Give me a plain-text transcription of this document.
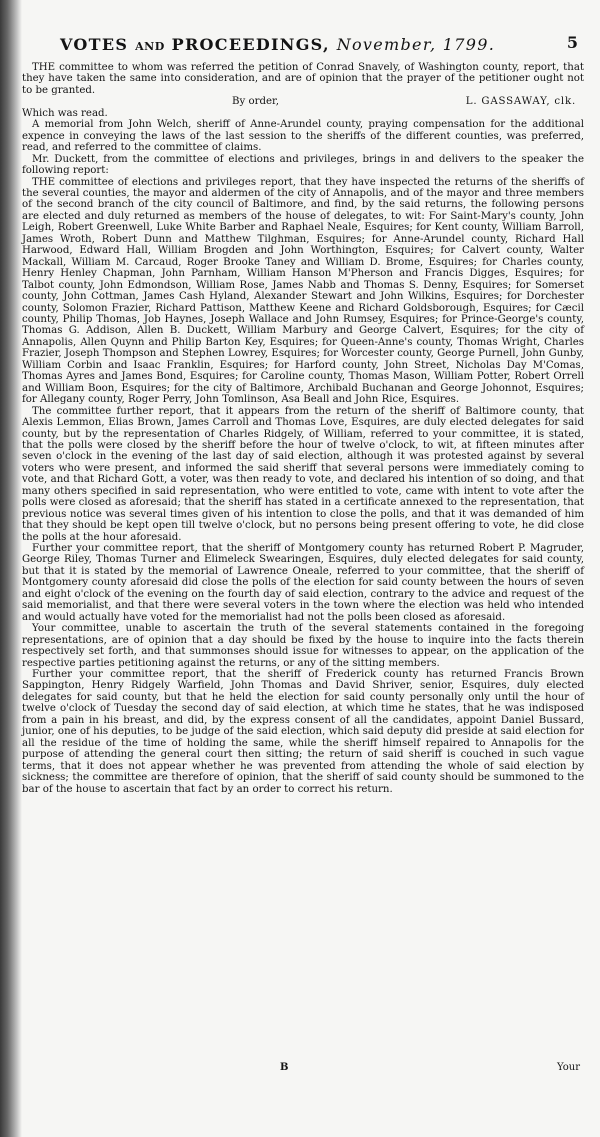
VOTES AND PROCEEDINGS, November, 1799.	5

THE committee to whom was referred the petition of Conrad Snavely, of Washington county, report, that they have taken the same into consideration, and are of opinion that the prayer of the petitioner ought not to be granted.

By order,	L. GASSAWAY, clk.

Which was read.

A memorial from John Welch, sheriff of Anne-Arundel county, praying compensation for the additional expence in conveying the laws of the last session to the sheriffs of the different counties, was preferred, read, and referred to the committee of claims.

Mr. Duckett, from the committee of elections and privileges, brings in and delivers to the speaker the following report:

THE committee of elections and privileges report, that they have inspected the returns of the sheriffs of the several counties, the mayor and aldermen of the city of Annapolis, and of the mayor and three members of the second branch of the city council of Baltimore, and find, by the said returns, the following persons are elected and duly returned as members of the house of delegates, to wit: For Saint-Mary's county, John Leigh, Robert Greenwell, Luke White Barber and Raphael Neale, Esquires; for Kent county, William Barroll, James Wroth, Robert Dunn and Matthew Tilghman, Esquires; for Anne-Arundel county, Richard Hall Harwood, Edward Hall, William Brogden and John Worthington, Esquires; for Calvert county, Walter Mackall, William M. Carcaud, Roger Brooke Taney and William D. Brome, Esquires; for Charles county, Henry Henley Chapman, John Parnham, William Hanson M'Pherson and Francis Digges, Esquires; for Talbot county, John Edmondson, William Rose, James Nabb and Thomas S. Denny, Esquires; for Somerset county, John Cottman, James Cash Hyland, Alexander Stewart and John Wilkins, Esquires; for Dorchester county, Solomon Frazier, Richard Pattison, Matthew Keene and Richard Goldsborough, Esquires; for Cæcil county, Philip Thomas, Job Haynes, Joseph Wallace and John Rumsey, Esquires; for Prince-George's county, Thomas G. Addison, Allen B. Duckett, William Marbury and George Calvert, Esquires; for the city of Annapolis, Allen Quynn and Philip Barton Key, Esquires; for Queen-Anne's county, Thomas Wright, Charles Frazier, Joseph Thompson and Stephen Lowrey, Esquires; for Worcester county, George Purnell, John Gunby, William Corbin and Isaac Franklin, Esquires; for Harford county, John Street, Nicholas Day M'Comas, Thomas Ayres and James Bond, Esquires; for Caroline county, Thomas Mason, William Potter, Robert Orrell and William Boon, Esquires; for the city of Baltimore, Archibald Buchanan and George Johonnot, Esquires; for Allegany county, Roger Perry, John Tomlinson, Asa Beall and John Rice, Esquires.

The committee further report, that it appears from the return of the sheriff of Baltimore county, that Alexis Lemmon, Elias Brown, James Carroll and Thomas Love, Esquires, are duly elected delegates for said county, but by the representation of Charles Ridgely, of William, referred to your committee, it is stated, that the polls were closed by the sheriff before the hour of twelve o'clock, to wit, at fifteen minutes after seven o'clock in the evening of the last day of said election, although it was protested against by several voters who were present, and informed the said sheriff that several persons were immediately coming to vote, and that Richard Gott, a voter, was then ready to vote, and declared his intention of so doing, and that many others specified in said representation, who were entitled to vote, came with intent to vote after the polls were closed as aforesaid; that the sheriff has stated in a certificate annexed to the representation, that previous notice was several times given of his intention to close the polls, and that it was demanded of him that they should be kept open till twelve o'clock, but no persons being present offering to vote, he did close the polls at the hour aforesaid.

Further your committee report, that the sheriff of Montgomery county has returned Robert P. Magruder, George Riley, Thomas Turner and Elimeleck Swearingen, Esquires, duly elected delegates for said county, but that it is stated by the memorial of Lawrence Oneale, referred to your committee, that the sheriff of Montgomery county aforesaid did close the polls of the election for said county between the hours of seven and eight o'clock of the evening on the fourth day of said election, contrary to the advice and request of the said memorialist, and that there were several voters in the town where the election was held who intended and would actually have voted for the memorialist had not the polls been closed as aforesaid.

Your committee, unable to ascertain the truth of the several statements contained in the foregoing representations, are of opinion that a day should be fixed by the house to inquire into the facts therein respectively set forth, and that summonses should issue for witnesses to appear, on the application of the respective parties petitioning against the returns, or any of the sitting members.

Further your committee report, that the sheriff of Frederick county has returned Francis Brown Sappington, Henry Ridgely Warfield, John Thomas and David Shriver, senior, Esquires, duly elected delegates for said county, but that he held the election for said county personally only until the hour of twelve o'clock of Tuesday the second day of said election, at which time he states, that he was indisposed from a pain in his breast, and did, by the express consent of all the candidates, appoint Daniel Bussard, junior, one of his deputies, to be judge of the said election, which said deputy did preside at said election for all the residue of the time of holding the same, while the sheriff himself repaired to Annapolis for the purpose of attending the general court then sitting; the return of said sheriff is couched in such vague terms, that it does not appear whether he was prevented from attending the whole of said election by sickness; the committee are therefore of opinion, that the sheriff of said county should be summoned to the bar of the house to ascertain that fact by an order to correct his return.

B	Your
